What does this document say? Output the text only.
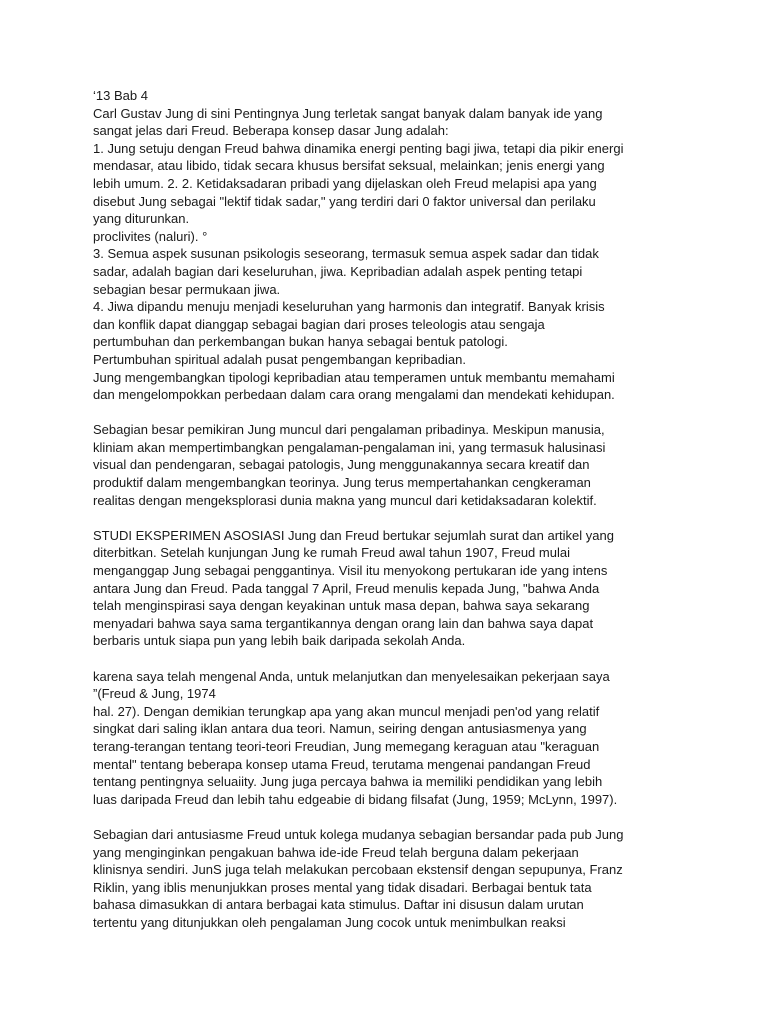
‘13 Bab 4
Carl Gustav Jung di sini Pentingnya Jung terletak sangat banyak dalam banyak ide yang
sangat jelas dari Freud. Beberapa konsep dasar Jung adalah:
1. Jung setuju dengan Freud bahwa dinamika energi penting bagi jiwa, tetapi dia pikir energi
mendasar, atau libido, tidak secara khusus bersifat seksual, melainkan; jenis energi yang
lebih umum. 2. 2. Ketidaksadaran pribadi yang dijelaskan oleh Freud melapisi apa yang
disebut Jung sebagai "lektif tidak sadar," yang terdiri dari 0 faktor universal dan perilaku
yang diturunkan.
proclivites (naluri). °
3. Semua aspek susunan psikologis seseorang, termasuk semua aspek sadar dan tidak
sadar, adalah bagian dari keseluruhan, jiwa. Kepribadian adalah aspek penting tetapi
sebagian besar permukaan jiwa.
4. Jiwa dipandu menuju menjadi keseluruhan yang harmonis dan integratif. Banyak krisis
dan konflik dapat dianggap sebagai bagian dari proses teleologis atau sengaja
pertumbuhan dan perkembangan bukan hanya sebagai bentuk patologi.
Pertumbuhan spiritual adalah pusat pengembangan kepribadian.
Jung mengembangkan tipologi kepribadian atau temperamen untuk membantu memahami
dan mengelompokkan perbedaan dalam cara orang mengalami dan mendekati kehidupan.
Sebagian besar pemikiran Jung muncul dari pengalaman pribadinya. Meskipun manusia,
kliniam akan mempertimbangkan pengalaman-pengalaman ini, yang termasuk halusinasi
visual dan pendengaran, sebagai patologis, Jung menggunakannya secara kreatif dan
produktif dalam mengembangkan teorinya. Jung terus mempertahankan cengkeraman
realitas dengan mengeksplorasi dunia makna yang muncul dari ketidaksadaran kolektif.
STUDI EKSPERIMEN ASOSIASI Jung dan Freud bertukar sejumlah surat dan artikel yang
diterbitkan. Setelah kunjungan Jung ke rumah Freud awal tahun 1907, Freud mulai
menganggap Jung sebagai penggantinya. Visil itu menyokong pertukaran ide yang intens
antara Jung dan Freud. Pada tanggal 7 April, Freud menulis kepada Jung, "bahwa Anda
telah menginspirasi saya dengan keyakinan untuk masa depan, bahwa saya sekarang
menyadari bahwa saya sama tergantikannya dengan orang lain dan bahwa saya dapat
berbaris untuk siapa pun yang lebih baik daripada sekolah Anda.
karena saya telah mengenal Anda, untuk melanjutkan dan menyelesaikan pekerjaan saya
”(Freud & Jung, 1974
hal. 27). Dengan demikian terungkap apa yang akan muncul menjadi pen'od yang relatif
singkat dari saling iklan antara dua teori. Namun, seiring dengan antusiasmenya yang
terang-terangan tentang teori-teori Freudian, Jung memegang keraguan atau "keraguan
mental" tentang beberapa konsep utama Freud, terutama mengenai pandangan Freud
tentang pentingnya seluaiity. Jung juga percaya bahwa ia memiliki pendidikan yang lebih
luas daripada Freud dan lebih tahu edgeabie di bidang filsafat (Jung, 1959; McLynn, 1997).
Sebagian dari antusiasme Freud untuk kolega mudanya sebagian bersandar pada pub Jung
yang menginginkan pengakuan bahwa ide-ide Freud telah berguna dalam pekerjaan
klinisnya sendiri. JunS juga telah melakukan percobaan ekstensif dengan sepupunya, Franz
Riklin, yang iblis menunjukkan proses mental yang tidak disadari. Berbagai bentuk tata
bahasa dimasukkan di antara berbagai kata stimulus. Daftar ini disusun dalam urutan
tertentu yang ditunjukkan oleh pengalaman Jung cocok untuk menimbulkan reaksi
